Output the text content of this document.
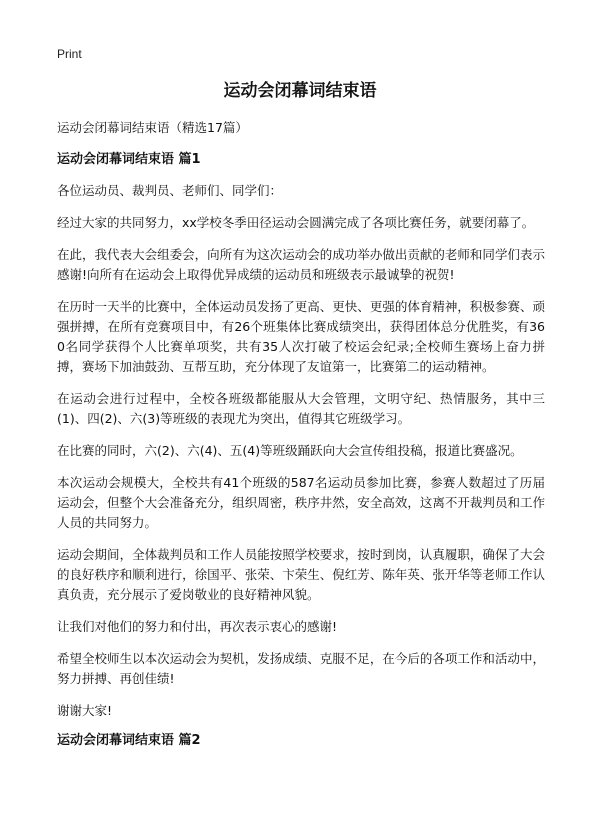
Print
运动会闭幕词结束语
运动会闭幕词结束语（精选17篇）
运动会闭幕词结束语 篇1

各位运动员、裁判员、老师们、同学们：

经过大家的共同努力，xx学校冬季田径运动会圆满完成了各项比赛任务，就要闭幕了。

在此，我代表大会组委会，向所有为这次运动会的成功举办做出贡献的老师和同学们表示感谢!向所有在运动会上取得优异成绩的运动员和班级表示最诚挚的祝贺!

在历时一天半的比赛中，全体运动员发扬了更高、更快、更强的体育精神，积极参赛、顽强拼搏，在所有竞赛项目中，有26个班集体比赛成绩突出，获得团体总分优胜奖，有360名同学获得个人比赛单项奖，共有35人次打破了校运会纪录;全校师生赛场上奋力拼搏，赛场下加油鼓劲、互帮互助，充分体现了友谊第一，比赛第二的运动精神。

在运动会进行过程中，全校各班级都能服从大会管理，文明守纪、热情服务，其中三(1)、四(2)、六(3)等班级的表现尤为突出，值得其它班级学习。

在比赛的同时，六(2)、六(4)、五(4)等班级踊跃向大会宣传组投稿，报道比赛盛况。

本次运动会规模大，全校共有41个班级的587名运动员参加比赛，参赛人数超过了历届运动会，但整个大会准备充分，组织周密，秩序井然，安全高效，这离不开裁判员和工作人员的共同努力。

运动会期间，全体裁判员和工作人员能按照学校要求，按时到岗，认真履职，确保了大会的良好秩序和顺利进行，徐国平、张荣、卞荣生、倪红芳、陈年英、张开华等老师工作认真负责，充分展示了爱岗敬业的良好精神风貌。

让我们对他们的努力和付出，再次表示衷心的感谢!

希望全校师生以本次运动会为契机，发扬成绩、克服不足，在今后的各项工作和活动中，努力拼搏、再创佳绩!

谢谢大家!

运动会闭幕词结束语 篇2
